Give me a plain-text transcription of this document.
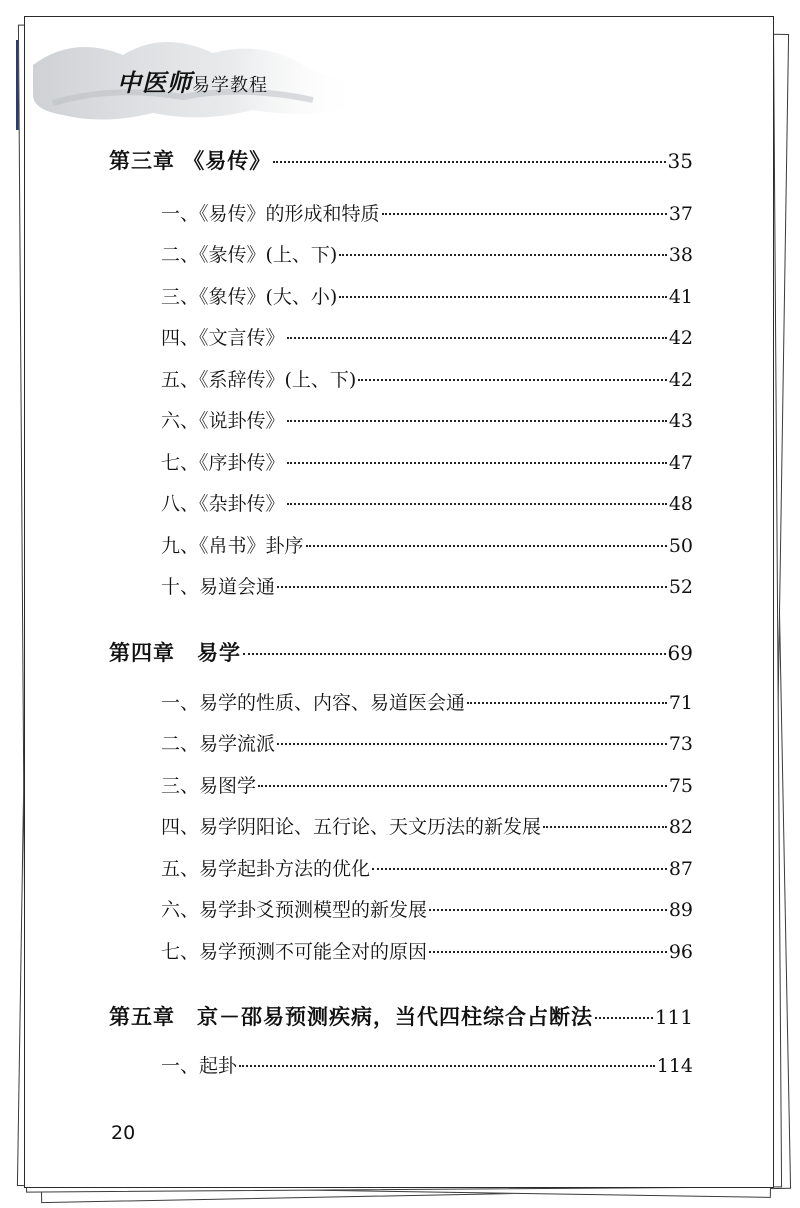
中医师易学教程
第三章 《易传》	35
一、《易传》的形成和特质	37
二、《彖传》(上、下)	38
三、《象传》(大、小)	41
四、《文言传》	42
五、《系辞传》(上、下)	42
六、《说卦传》	43
七、《序卦传》	47
八、《杂卦传》	48
九、《帛书》卦序	50
十、易道会通	52
第四章　易学	69
一、易学的性质、内容、易道医会通	71
二、易学流派	73
三、易图学	75
四、易学阴阳论、五行论、天文历法的新发展	82
五、易学起卦方法的优化	87
六、易学卦爻预测模型的新发展	89
七、易学预测不可能全对的原因	96
第五章　京－邵易预测疾病，当代四柱综合占断法	111
一、起卦	114
20
